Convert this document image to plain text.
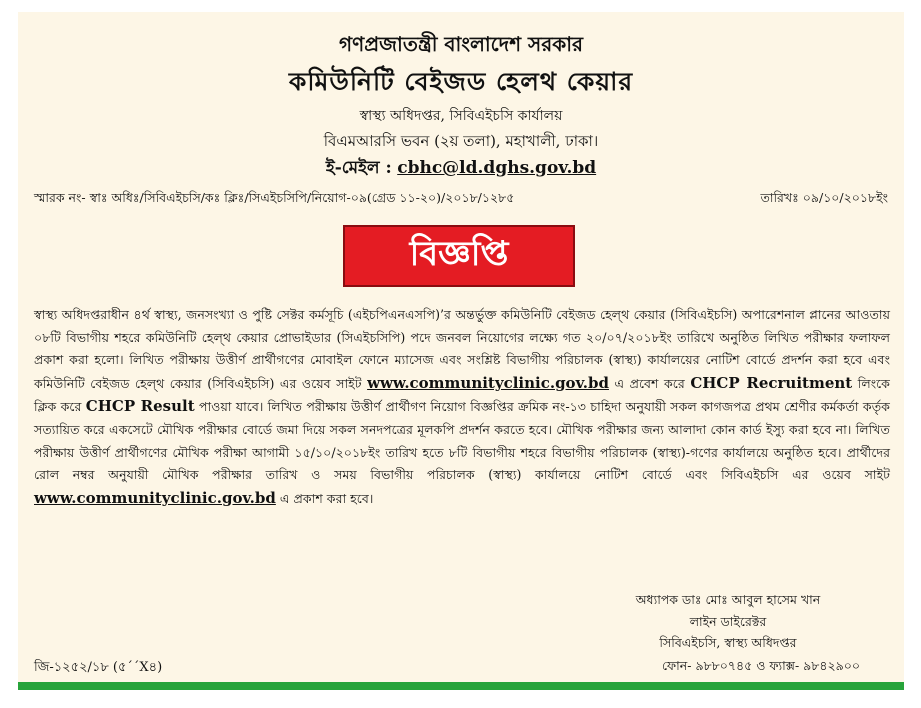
গণপ্রজাতন্ত্রী বাংলাদেশ সরকার
কমিউনিটি বেইজড হেলথ কেয়ার
স্বাস্থ্য অধিদপ্তর, সিবিএইচসি কার্যালয়
বিএমআরসি ভবন (২য় তলা), মহাখালী, ঢাকা।
ই-মেইল : cbhc@ld.dghs.gov.bd
স্মারক নং- স্বাঃ অধিঃ/সিবিএইচসি/কঃ ক্লিঃ/সিএইচসিপি/নিয়োগ-০৯(গ্রেড ১১-২০)/২০১৮/১২৮৫	তারিখঃ ০৯/১০/২০১৮ইং
বিজ্ঞপ্তি
স্বাস্থ্য অধিদপ্তরাধীন ৪র্থ স্বাস্থ্য, জনসংখ্যা ও পুষ্টি সেক্টর কর্মসূচি (এইচপিএনএসপি)’র অন্তর্ভুক্ত কমিউনিটি বেইজড হেল্থ কেয়ার (সিবিএইচসি) অপারেশনাল প্লানের আওতায় ০৮টি বিভাগীয় শহরে কমিউনিটি হেল্থ কেয়ার প্রোভাইডার (সিএইচসিপি) পদে জনবল নিয়োগের লক্ষ্যে গত ২০/০৭/২০১৮ইং তারিখে অনুষ্ঠিত লিখিত পরীক্ষার ফলাফল প্রকাশ করা হলো। লিখিত পরীক্ষায় উত্তীর্ণ প্রার্থীগণের মোবাইল ফোনে ম্যাসেজ এবং সংশ্লিষ্ট বিভাগীয় পরিচালক (স্বাস্থ্য) কার্যালয়ের নোটিশ বোর্ডে প্রদর্শন করা হবে এবং কমিউনিটি বেইজড হেল্থ কেয়ার (সিবিএইচসি) এর ওয়েব সাইট www.communityclinic.gov.bd এ প্রবেশ করে CHCP Recruitment লিংকে ক্লিক করে CHCP Result পাওয়া যাবে। লিখিত পরীক্ষায় উত্তীর্ণ প্রার্থীগণ নিয়োগ বিজ্ঞপ্তির ক্রমিক নং-১৩ চাহিদা অনুযায়ী সকল কাগজপত্র প্রথম শ্রেণীর কর্মকর্তা কর্তৃক সত্যায়িত করে একসেটে মৌখিক পরীক্ষার বোর্ডে জমা দিয়ে সকল সনদপত্রের মূলকপি প্রদর্শন করতে হবে। মৌখিক পরীক্ষার জন্য আলাদা কোন কার্ড ইস্যু করা হবে না। লিখিত পরীক্ষায় উত্তীর্ণ প্রার্থীগণের মৌখিক পরীক্ষা আগামী ১৫/১০/২০১৮ইং তারিখ হতে ৮টি বিভাগীয় শহরে বিভাগীয় পরিচালক (স্বাস্থ্য)-গণের কার্যালয়ে অনুষ্ঠিত হবে। প্রার্থীদের রোল নম্বর অনুযায়ী মৌখিক পরীক্ষার তারিখ ও সময় বিভাগীয় পরিচালক (স্বাস্থ্য) কার্যালয়ে নোটিশ বোর্ডে এবং সিবিএইচসি এর ওয়েব সাইট www.communityclinic.gov.bd এ প্রকাশ করা হবে।
অধ্যাপক ডাঃ মোঃ আবুল হাসেম খান
লাইন ডাইরেক্টর
সিবিএইচসি, স্বাস্থ্য অধিদপ্তর
ফোন- ৯৮৮০৭৪৫ ও ফ্যাক্স- ৯৮৪২৯০০
জি-১২৫২/১৮ (৫´´X৪)
